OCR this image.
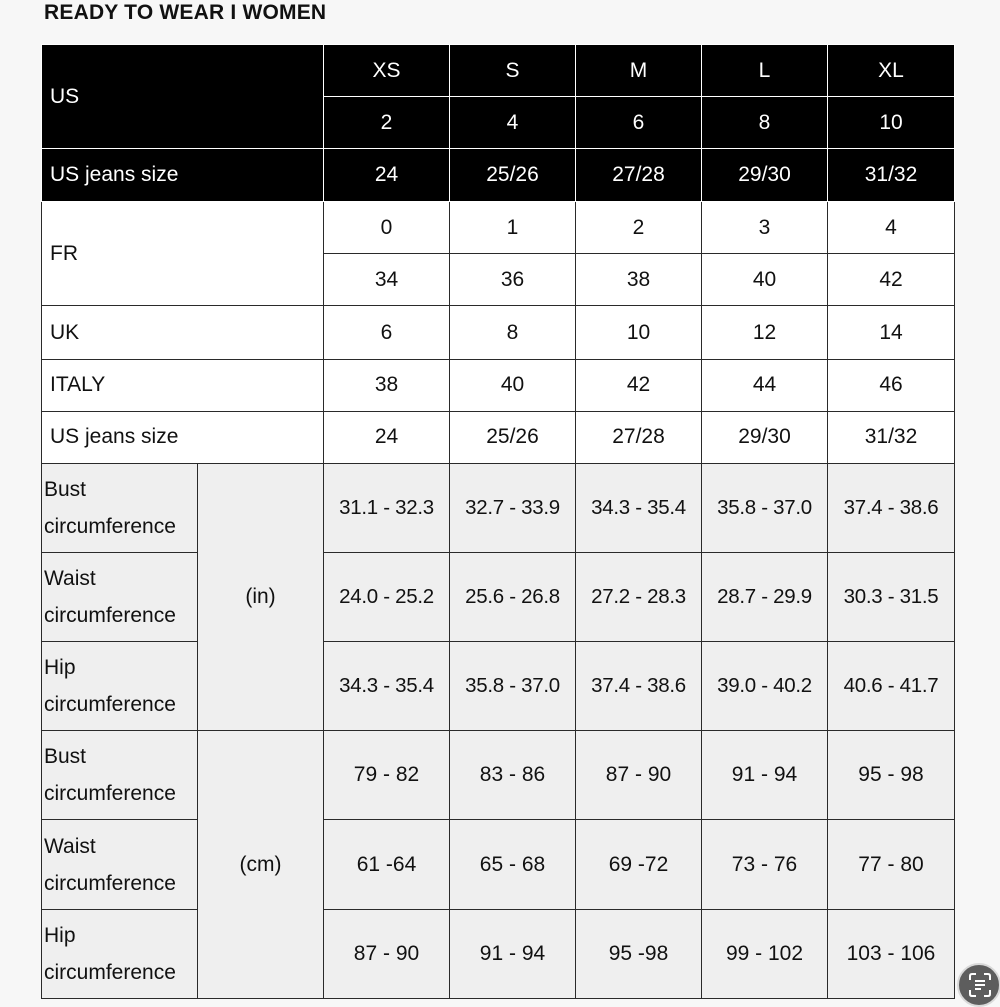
READY TO WEAR I WOMEN
US		XS	S	M	L	XL
		2	4	6	8	10
US jeans size		24	25/26	27/28	29/30	31/32
FR		0	1	2	3	4
		34	36	38	40	42
UK		6	8	10	12	14
ITALY		38	40	42	44	46
US jeans size		24	25/26	27/28	29/30	31/32
Bust
circumference	(in)	31.1 - 32.3	32.7 - 33.9	34.3 - 35.4	35.8 - 37.0	37.4 - 38.6
Waist
circumference		24.0 - 25.2	25.6 - 26.8	27.2 - 28.3	28.7 - 29.9	30.3 - 31.5
Hip
circumference		34.3 - 35.4	35.8 - 37.0	37.4 - 38.6	39.0 - 40.2	40.6 - 41.7
Bust
circumference	(cm)	79 - 82	83 - 86	87 - 90	91 - 94	95 - 98
Waist
circumference		61 -64	65 - 68	69 -72	73 - 76	77 - 80
Hip
circumference		87 - 90	91 - 94	95 -98	99 - 102	103 - 106
